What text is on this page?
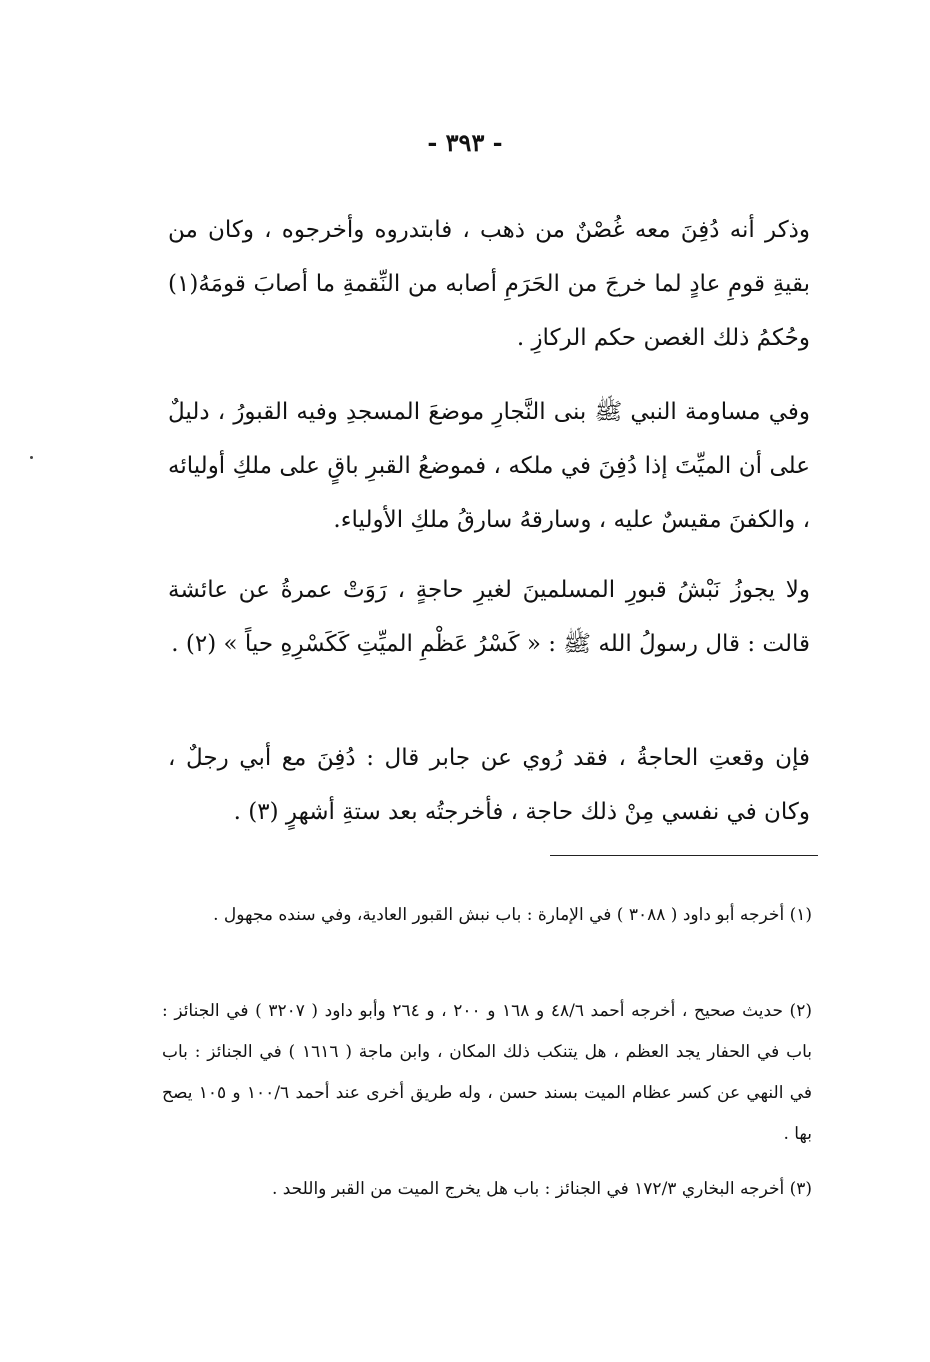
- ٣٩٣ -

وذكر أنه دُفِنَ معه غُصْنٌ من ذهب ، فابتدروه وأخرجوه ، وكان من بقيةِ قومِ عادٍ لما خرجَ من الحَرَمِ أصابه من النِّقمةِ ما أصابَ قومَهُ(١) وحُكمُ ذلك الغصن حكم الركازِ .

وفي مساومة النبي ﷺ بنى النَّجارِ موضعَ المسجدِ وفيه القبورُ ، دليلٌ على أن الميِّتَ إذا دُفِنَ في ملكه ، فموضعُ القبرِ باقٍ على ملكِ أوليائه ، والكفنَ مقيسٌ عليه ، وسارقهُ سارقُ ملكِ الأولياء.

ولا يجوزُ نَبْشُ قبورِ المسلمينَ لغيرِ حاجةٍ ، رَوَتْ عمرةُ عن عائشة قالت : قال رسولُ الله ﷺ : « كَسْرُ عَظْمِ الميِّتِ كَكَسْرِهِ حياً » (٢) .

فإن وقعتِ الحاجةُ ، فقد رُوي عن جابر قال : دُفِنَ مع أبي رجلٌ ، وكان في نفسي مِنْ ذلك حاجة ، فأخرجتُه بعد ستةِ أشهرٍ (٣) .

(١) أخرجه أبو داود ( ٣٠٨٨ ) في الإمارة : باب نبش القبور العادية، وفي سنده مجهول .

(٢) حديث صحيح ، أخرجه أحمد ٤٨/٦ و ١٦٨ و ٢٠٠ ، و ٢٦٤ وأبو داود ( ٣٢٠٧ ) في الجنائز : باب في الحفار يجد العظم ، هل يتنكب ذلك المكان ، وابن ماجة ( ١٦١٦ ) في الجنائز : باب في النهي عن كسر عظام الميت بسند حسن ، وله طريق أخرى عند أحمد ١٠٠/٦ و ١٠٥ يصح بها .

(٣) أخرجه البخاري ١٧٢/٣ في الجنائز : باب هل يخرج الميت من القبر واللحد .
